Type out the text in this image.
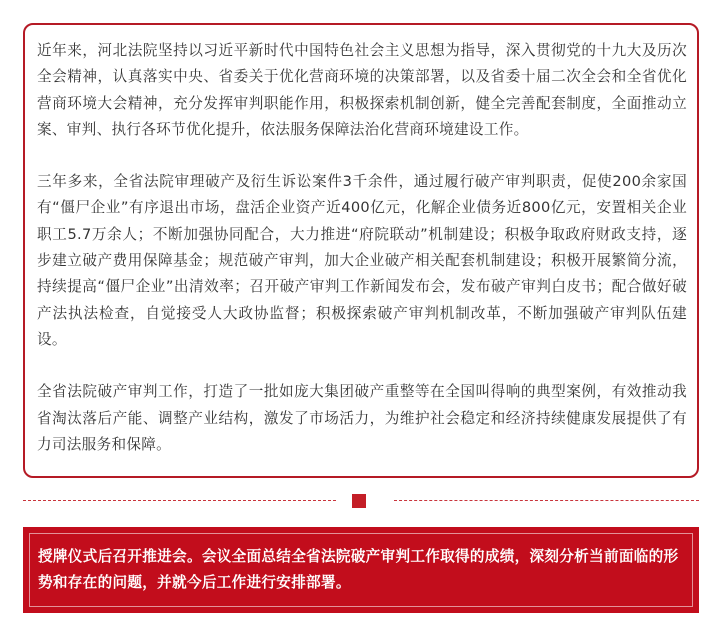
近年来，河北法院坚持以习近平新时代中国特色社会主义思想为指导，深入贯彻党的十九大及历次全会精神，认真落实中央、省委关于优化营商环境的决策部署，以及省委十届二次全会和全省优化营商环境大会精神，充分发挥审判职能作用，积极探索机制创新，健全完善配套制度，全面推动立案、审判、执行各环节优化提升，依法服务保障法治化营商环境建设工作。

三年多来，全省法院审理破产及衍生诉讼案件3千余件，通过履行破产审判职责，促使200余家国有“僵尸企业”有序退出市场，盘活企业资产近400亿元，化解企业债务近800亿元，安置相关企业职工5.7万余人；不断加强协同配合，大力推进“府院联动”机制建设；积极争取政府财政支持，逐步建立破产费用保障基金；规范破产审判，加大企业破产相关配套机制建设；积极开展繁简分流，持续提高“僵尸企业”出清效率；召开破产审判工作新闻发布会，发布破产审判白皮书；配合做好破产法执法检查，自觉接受人大政协监督；积极探索破产审判机制改革，不断加强破产审判队伍建设。

全省法院破产审判工作，打造了一批如庞大集团破产重整等在全国叫得响的典型案例，有效推动我省淘汰落后产能、调整产业结构，激发了市场活力，为维护社会稳定和经济持续健康发展提供了有力司法服务和保障。

授牌仪式后召开推进会。会议全面总结全省法院破产审判工作取得的成绩，深刻分析当前面临的形势和存在的问题，并就今后工作进行安排部署。
